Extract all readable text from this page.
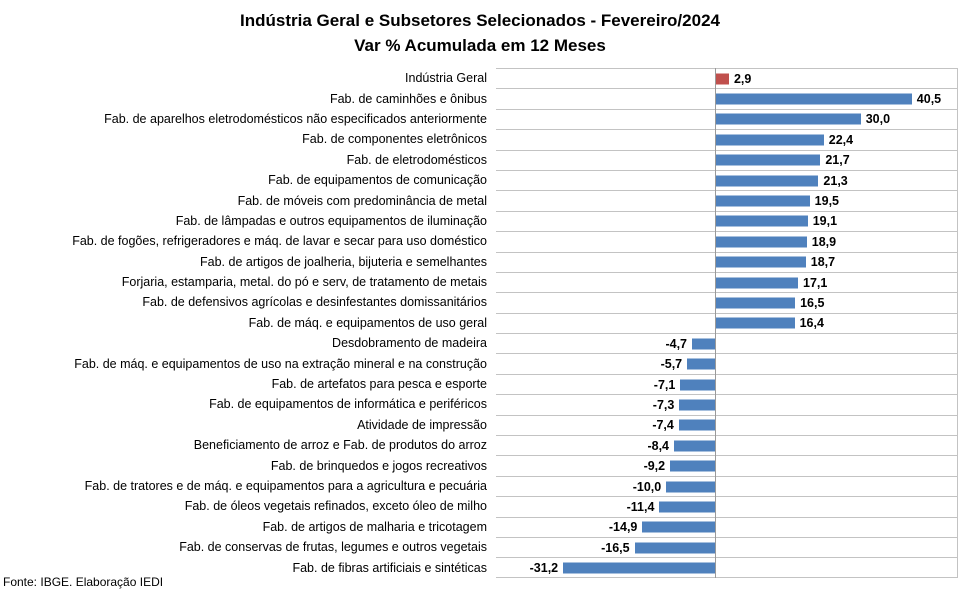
Indústria Geral e Subsetores Selecionados - Fevereiro/2024
Var % Acumulada em 12 Meses
Indústria Geral	2,9
Fab. de caminhões e ônibus	40,5
Fab. de aparelhos eletrodomésticos não especificados anteriormente	30,0
Fab. de componentes eletrônicos	22,4
Fab. de eletrodomésticos	21,7
Fab. de equipamentos de comunicação	21,3
Fab. de móveis com predominância de metal	19,5
Fab. de lâmpadas e outros equipamentos de iluminação	19,1
Fab. de fogões, refrigeradores e máq. de lavar e secar para uso doméstico	18,9
Fab. de artigos de joalheria, bijuteria e semelhantes	18,7
Forjaria, estamparia, metal. do pó e serv, de tratamento de metais	17,1
Fab. de defensivos agrícolas e desinfestantes domissanitários	16,5
Fab. de máq. e equipamentos de uso geral	16,4
Desdobramento de madeira	-4,7
Fab. de máq. e equipamentos de uso na extração mineral e na construção	-5,7
Fab. de artefatos para pesca e esporte	-7,1
Fab. de equipamentos de informática e periféricos	-7,3
Atividade de impressão	-7,4
Beneficiamento de arroz e Fab. de produtos do arroz	-8,4
Fab. de brinquedos e jogos recreativos	-9,2
Fab. de tratores e de máq. e equipamentos para a agricultura e pecuária	-10,0
Fab. de óleos vegetais refinados, exceto óleo de milho	-11,4
Fab. de artigos de malharia e tricotagem	-14,9
Fab. de conservas de frutas, legumes e outros vegetais	-16,5
Fab. de fibras artificiais e sintéticas	-31,2
Fonte: IBGE. Elaboração IEDI
